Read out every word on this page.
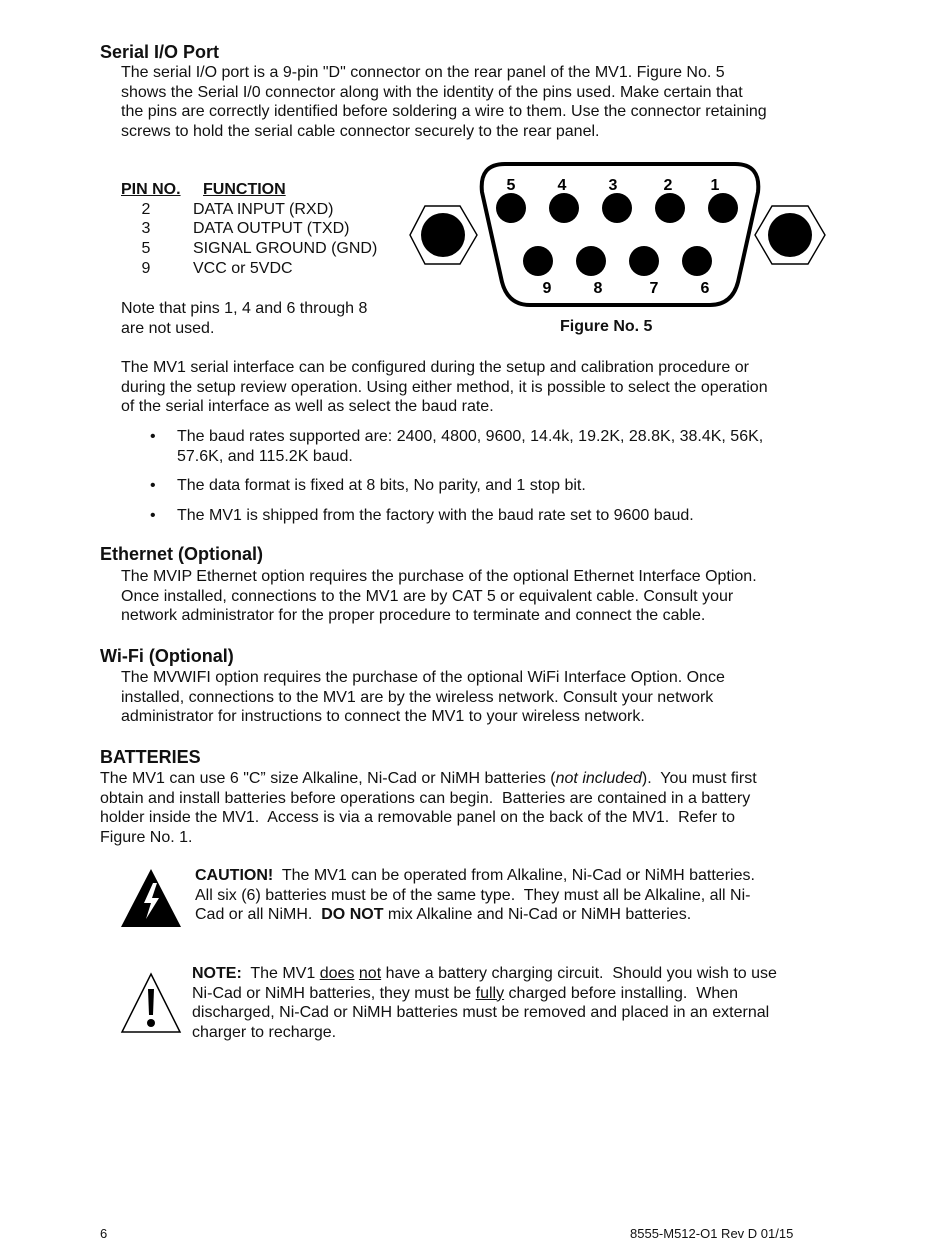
Serial I/O Port

The serial I/O port is a 9-pin "D" connector on the rear panel of the MV1. Figure No. 5

shows the Serial I/0 connector along with the identity of the pins used. Make certain that

the pins are correctly identified before soldering a wire to them. Use the connector retaining

screws to hold the serial cable connector securely to the rear panel.

PIN NO.	FUNCTION
2	DATA INPUT (RXD)
3	DATA OUTPUT (TXD)
5	SIGNAL GROUND (GND)
9	VCC or 5VDC

Note that pins 1, 4 and 6 through 8

are not used.

5	4	3	2 1
9	8	7	6
Figure No. 5

The MV1 serial interface can be configured during the setup and calibration procedure or

during the setup review operation. Using either method, it is possible to select the operation

of the serial interface as well as select the baud rate.

•	The baud rates supported are: 2400, 4800, 9600, 14.4k, 19.2K, 28.8K, 38.4K, 56K,

57.6K, and 115.2K baud.

•	The data format is fixed at 8 bits, No parity, and 1 stop bit.

•	The MV1 is shipped from the factory with the baud rate set to 9600 baud.

Ethernet (Optional)

The MVIP Ethernet option requires the purchase of the optional Ethernet Interface Option.

Once installed, connections to the MV1 are by CAT 5 or equivalent cable. Consult your

network administrator for the proper procedure to terminate and connect the cable.

Wi-Fi (Optional)

The MVWIFI option requires the purchase of the optional WiFi Interface Option. Once

installed, connections to the MV1 are by the wireless network. Consult your network

administrator for instructions to connect the MV1 to your wireless network.

BATTERIES

The MV1 can use 6 "C” size Alkaline, Ni-Cad or NiMH batteries (not included).  You must first

obtain and install batteries before operations can begin.  Batteries are contained in a battery

holder inside the MV1.  Access is via a removable panel on the back of the MV1.  Refer to

Figure No. 1.

CAUTION!  The MV1 can be operated from Alkaline, Ni-Cad or NiMH batteries.

All six (6) batteries must be of the same type.  They must all be Alkaline, all Ni-

Cad or all NiMH.  DO NOT mix Alkaline and Ni-Cad or NiMH batteries.

NOTE:  The MV1 does not have a battery charging circuit.  Should you wish to use

Ni-Cad or NiMH batteries, they must be fully charged before installing.  When

discharged, Ni-Cad or NiMH batteries must be removed and placed in an external

charger to recharge.

6	8555-M512-O1 Rev D 01/15
